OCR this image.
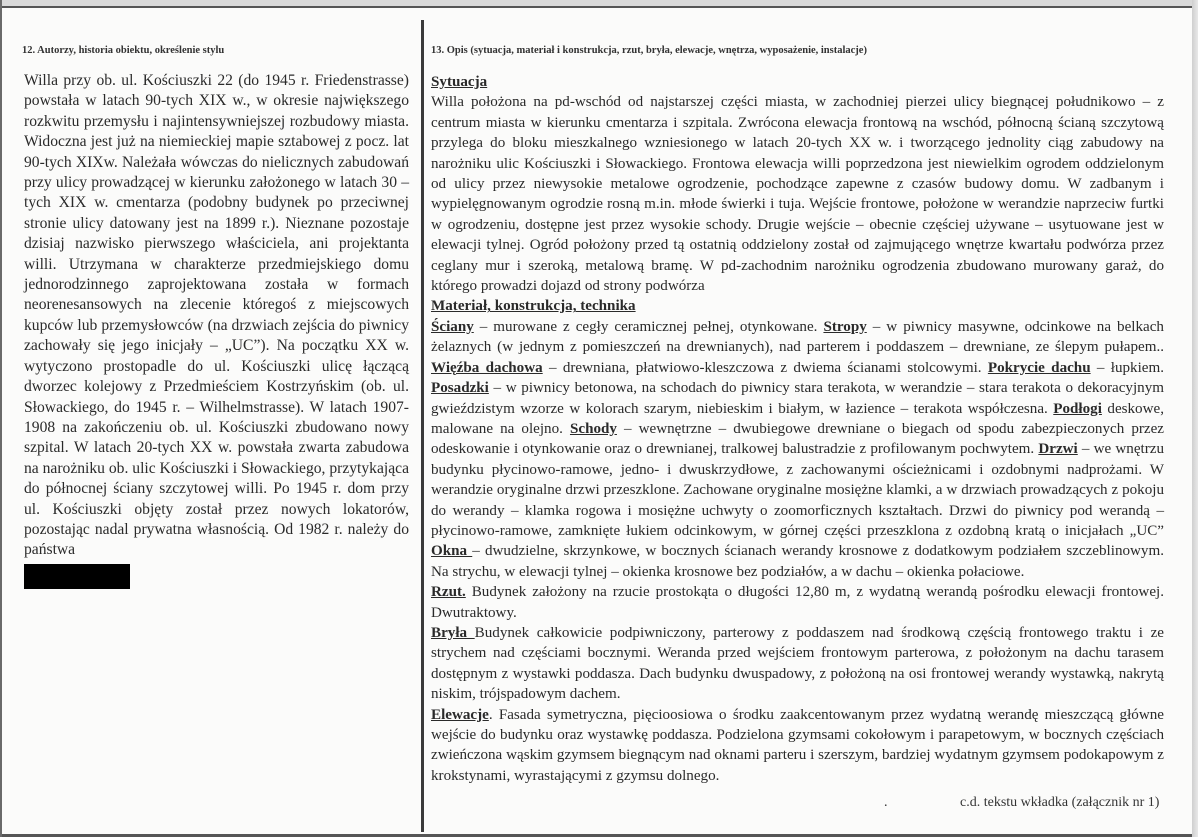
12. Autorzy, historia obiektu, określenie stylu

Willa przy ob. ul. Kościuszki 22 (do 1945 r. Friedenstrasse) powstała w latach 90-tych XIX w., w okresie największego rozkwitu przemysłu i najintensywniejszej rozbudowy miasta. Widoczna jest już na niemieckiej mapie sztabowej z pocz. lat 90-tych XIXw. Należała wówczas do nielicznych zabudowań przy ulicy prowadzącej w kierunku założonego w latach 30 – tych XIX w. cmentarza (podobny budynek po przeciwnej stronie ulicy datowany jest na 1899 r.). Nieznane pozostaje dzisiaj nazwisko pierwszego właściciela, ani projektanta willi. Utrzymana w charakterze przedmiejskiego domu jednorodzinnego zaprojektowana została w formach neorenesansowych na zlecenie któregoś z miejscowych kupców lub przemysłowców (na drzwiach zejścia do piwnicy zachowały się jego inicjały – „UC”). Na początku XX w. wytyczono prostopadle do ul. Kościuszki ulicę łączącą dworzec kolejowy z Przedmieściem Kostrzyńskim (ob. ul. Słowackiego, do 1945 r. – Wilhelmstrasse). W latach 1907-1908 na zakończeniu ob. ul. Kościuszki zbudowano nowy szpital. W latach 20-tych XX w. powstała zwarta zabudowa na narożniku ob. ulic Kościuszki i Słowackiego, przytykająca do północnej ściany szczytowej willi. Po 1945 r. dom przy ul. Kościuszki objęty został przez nowych lokatorów, pozostając nadal prywatna własnością. Od 1982 r. należy do państwa

13. Opis (sytuacja, materiał i konstrukcja, rzut, bryła, elewacje, wnętrza, wyposażenie, instalacje)

Sytuacja

Willa położona na pd-wschód od najstarszej części miasta, w zachodniej pierzei ulicy biegnącej południkowo – z centrum miasta w kierunku cmentarza i szpitala. Zwrócona elewacja frontową na wschód, północną ścianą szczytową przylega do bloku mieszkalnego wzniesionego w latach 20-tych XX w. i tworzącego jednolity ciąg zabudowy na narożniku ulic Kościuszki i Słowackiego. Frontowa elewacja willi poprzedzona jest niewielkim ogrodem oddzielonym od ulicy przez niewysokie metalowe ogrodzenie, pochodzące zapewne z czasów budowy domu. W zadbanym i wypielęgnowanym ogrodzie rosną m.in. młode świerki i tuja. Wejście frontowe, położone w werandzie naprzeciw furtki w ogrodzeniu, dostępne jest przez wysokie schody. Drugie wejście – obecnie częściej używane – usytuowane jest w elewacji tylnej. Ogród położony przed tą ostatnią oddzielony został od zajmującego wnętrze kwartału podwórza przez ceglany mur i szeroką, metalową bramę. W pd-zachodnim narożniku ogrodzenia zbudowano murowany garaż, do którego prowadzi dojazd od strony podwórza

Materiał, konstrukcja, technika

Ściany – murowane z cegły ceramicznej pełnej, otynkowane. Stropy – w piwnicy masywne, odcinkowe na belkach żelaznych (w jednym z pomieszczeń na drewnianych), nad parterem i poddaszem – drewniane, ze ślepym pułapem.. Więźba dachowa – drewniana, płatwiowo-kleszczowa z dwiema ścianami stolcowymi. Pokrycie dachu – łupkiem. Posadzki – w piwnicy betonowa, na schodach do piwnicy stara terakota, w werandzie – stara terakota o dekoracyjnym gwieździstym wzorze w kolorach szarym, niebieskim i białym, w łazience – terakota współczesna. Podłogi deskowe, malowane na olejno. Schody – wewnętrzne – dwubiegowe drewniane o biegach od spodu zabezpieczonych przez odeskowanie i otynkowanie oraz o drewnianej, tralkowej balustradzie z profilowanym pochwytem. Drzwi – we wnętrzu budynku płycinowo-ramowe, jedno- i dwuskrzydłowe, z zachowanymi ościeżnicami i ozdobnymi nadprożami. W werandzie oryginalne drzwi przeszklone. Zachowane oryginalne mosiężne klamki, a w drzwiach prowadzących z pokoju do werandy – klamka rogowa i mosiężne uchwyty o zoomorficznych kształtach. Drzwi do piwnicy pod werandą – płycinowo-ramowe, zamknięte łukiem odcinkowym, w górnej części przeszklona z ozdobną kratą o inicjałach „UC” Okna – dwudzielne, skrzynkowe, w bocznych ścianach werandy krosnowe z dodatkowym podziałem szczeblinowym. Na strychu, w elewacji tylnej – okienka krosnowe bez podziałów, a w dachu – okienka połaciowe.

Rzut. Budynek założony na rzucie prostokąta o długości 12,80 m, z wydatną werandą pośrodku elewacji frontowej. Dwutraktowy.

Bryła Budynek całkowicie podpiwniczony, parterowy z poddaszem nad środkową częścią frontowego traktu i ze strychem nad częściami bocznymi. Weranda przed wejściem frontowym parterowa, z położonym na dachu tarasem dostępnym z wystawki poddasza. Dach budynku dwuspadowy, z położoną na osi frontowej werandy wystawką, nakrytą niskim, trójspadowym dachem.

Elewacje. Fasada symetryczna, pięcioosiowa o środku zaakcentowanym przez wydatną werandę mieszczącą główne wejście do budynku oraz wystawkę poddasza. Podzielona gzymsami cokołowym i parapetowym, w bocznych częściach zwieńczona wąskim gzymsem biegnącym nad oknami parteru i szerszym, bardziej wydatnym gzymsem podokapowym z krokstynami, wyrastającymi z gzymsu dolnego.

.	c.d. tekstu wkładka (załącznik nr 1)
